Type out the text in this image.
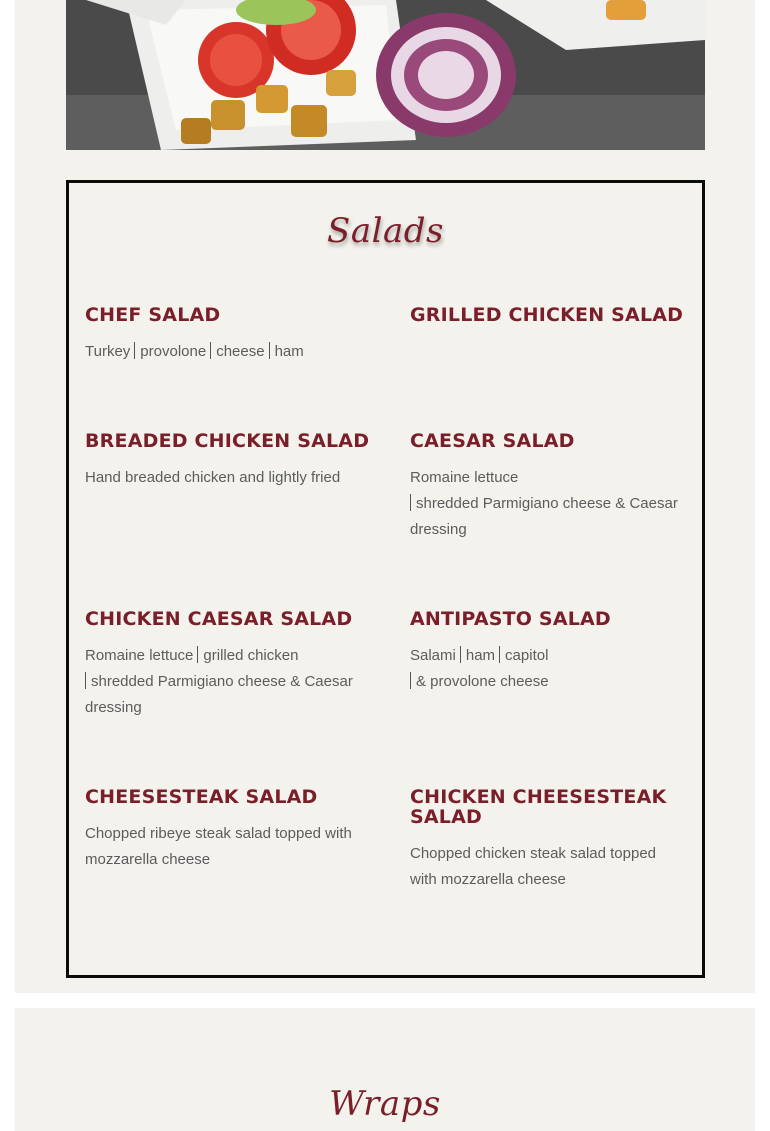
Salads
CHEF SALAD
Turkey provolone cheese ham
GRILLED CHICKEN SALAD
BREADED CHICKEN SALAD
Hand breaded chicken and lightly fried
CAESAR SALAD
Romaine lettuce
shredded Parmigiano cheese & Caesar dressing
CHICKEN CAESAR SALAD
Romaine lettuce grilled chicken
shredded Parmigiano cheese & Caesar dressing
ANTIPASTO SALAD
Salami ham capitol
& provolone cheese
CHEESESTEAK SALAD
Chopped ribeye steak salad topped with mozzarella cheese
CHICKEN CHEESESTEAK SALAD
Chopped chicken steak salad topped with mozzarella cheese
Wraps
